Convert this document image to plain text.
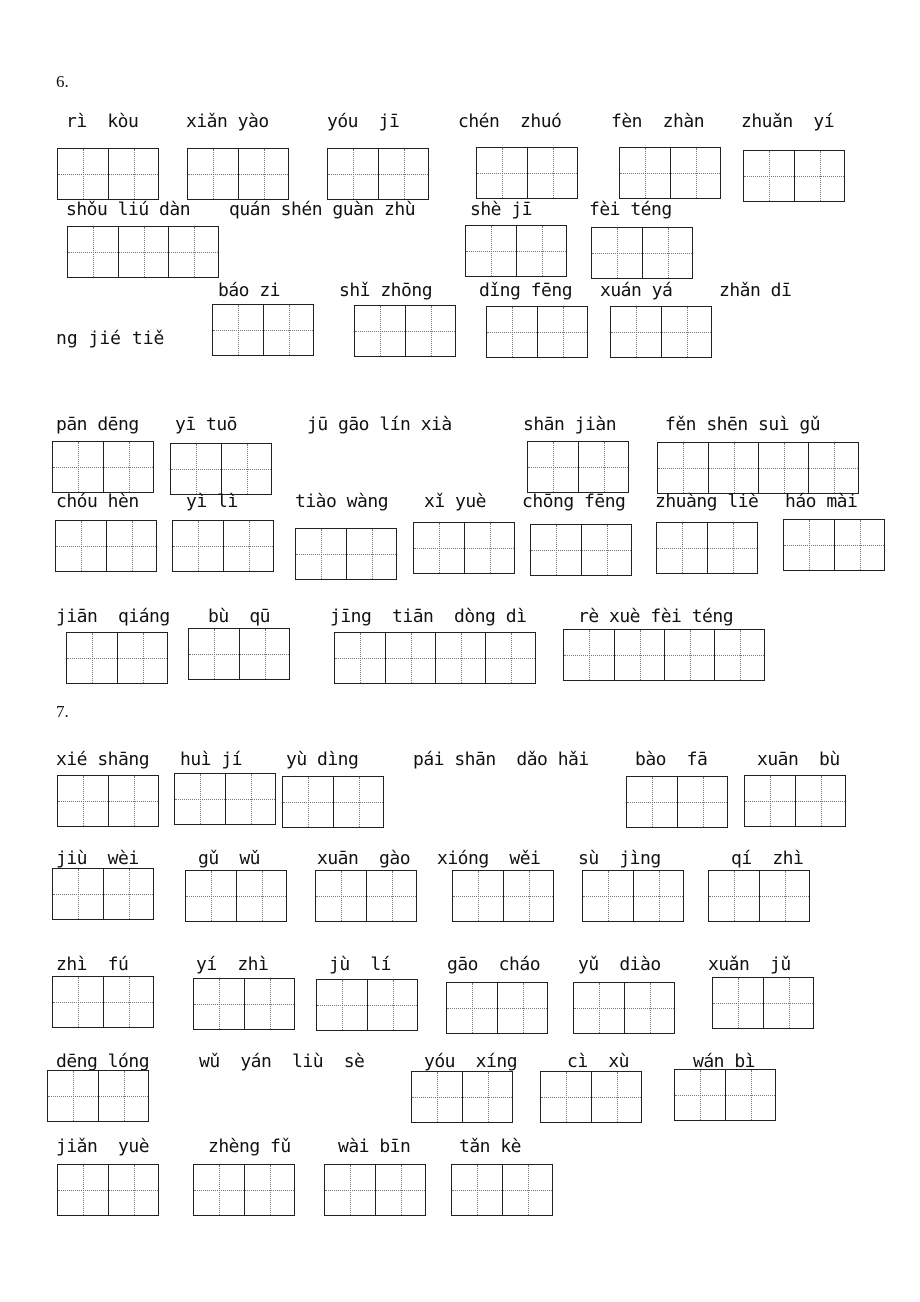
6.
7.
ng jié tiě
rì  kòu	xiǎn yào	yóu  jī	chén  zhuó	fèn  zhàn zhuǎn  yí
shǒu liú dàn quán shén guàn zhù	shè jī	fèi téng
báo zi	shǐ zhōng	dǐng fēng xuán yá	zhǎn dī
pān dēng yī tuō	jū gāo lín xià	shān jiàn	fěn shēn suì gǔ
chóu hèn	yì lì	tiào wàng xǐ yuè chōng fēng zhuàng liè háo mài
jiān  qiáng bù  qū	jīng  tiān  dòng dì	rè xuè fèi téng
xié shāng huì jí yù dìng	pái shān  dǎo hǎi	bào  fā	xuān  bù
jiù  wèi	gǔ  wǔ	xuān  gào xióng  wěi sù  jìng	qí  zhì
zhì  fú	yí  zhì	jù  lí	gāo  cháo yǔ  diào	xuǎn  jǔ
dēng lóng	wǔ  yán  liù  sè	yóu  xíng	cì  xù	wán bì
jiǎn  yuè	zhèng fǔ	wài bīn	tǎn kè
